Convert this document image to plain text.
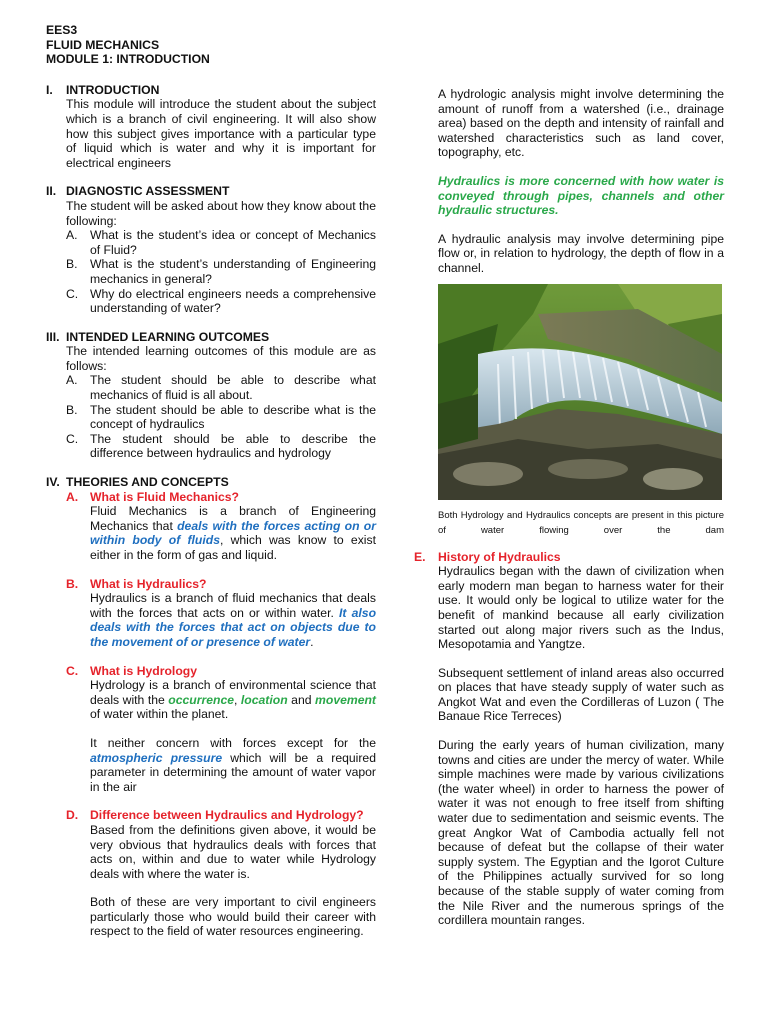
EES3
FLUID MECHANICS
MODULE 1: INTRODUCTION
I.	INTRODUCTION
This module will introduce the student about the subject which is a branch of civil engineering. It will also show how this subject gives importance with a particular type of liquid which is water and why it is important for electrical engineers
II. DIAGNOSTIC ASSESSMENT
The student will be asked about how they know about the following:
A.	What is the student’s idea or concept of Mechanics of Fluid?
B.	What is the student’s understanding of Engineering mechanics in general?
C. Why do electrical engineers needs a comprehensive understanding of water?
III. INTENDED LEARNING OUTCOMES
The intended learning outcomes of this module are as follows:
A.	The student should be able to describe what mechanics of fluid is all about.
B.	The student should be able to describe what is the concept of hydraulics
C. The student should be able to describe the difference between hydraulics and hydrology
IV. THEORIES AND CONCEPTS
A. What is Fluid Mechanics?
Fluid Mechanics is a branch of Engineering Mechanics that deals with the forces acting on or within body of fluids, which was know to exist either in the form of gas and liquid.
B. What is Hydraulics?
Hydraulics is a branch of fluid mechanics that deals with the forces that acts on or within water. It also deals with the forces that act on objects due to the movement of or presence of water.
C. What is Hydrology
Hydrology is a branch of environmental science that deals with the occurrence, location and movement of water within the planet.
It neither concern with forces except for the atmospheric pressure which will be a required parameter in determining the amount of water vapor in the air
D. Difference between Hydraulics and Hydrology?
Based from the definitions given above, it would be very obvious that hydraulics deals with forces that acts on, within and due to water while Hydrology deals with where the water is.
Both of these are very important to civil engineers particularly those who would build their career with respect to the field of water resources engineering.
A hydrologic analysis might involve determining the amount of runoff from a watershed (i.e., drainage area) based on the depth and intensity of rainfall and watershed characteristics such as land cover, topography, etc.
Hydraulics is more concerned with how water is conveyed through pipes, channels and other hydraulic structures.
A hydraulic analysis may involve determining pipe flow or, in relation to hydrology, the depth of flow in a channel.
Both Hydrology and Hydraulics concepts are present in this picture of water flowing over the dam
E.	History of Hydraulics
Hydraulics began with the dawn of civilization when early modern man began to harness water for their use. It would only be logical to utilize water for the benefit of mankind because all early civilization started out along major rivers such as the Indus, Mesopotamia and Yangtze.
Subsequent settlement of inland areas also occurred on places that have steady supply of water such as Angkot Wat and even the Cordilleras of Luzon ( The Banaue Rice Terreces)
During the early years of human civilization, many towns and cities are under the mercy of water. While simple machines were made by various civilizations (the water wheel) in order to harness the power of water it was not enough to free itself from shifting water due to sedimentation and seismic events. The great Angkor Wat of Cambodia actually fell not because of defeat but the collapse of their water supply system. The Egyptian and the Igorot Culture of the Philippines actually survived for so long because of the stable supply of water coming from the Nile River and the numerous springs of the cordillera mountain ranges.
